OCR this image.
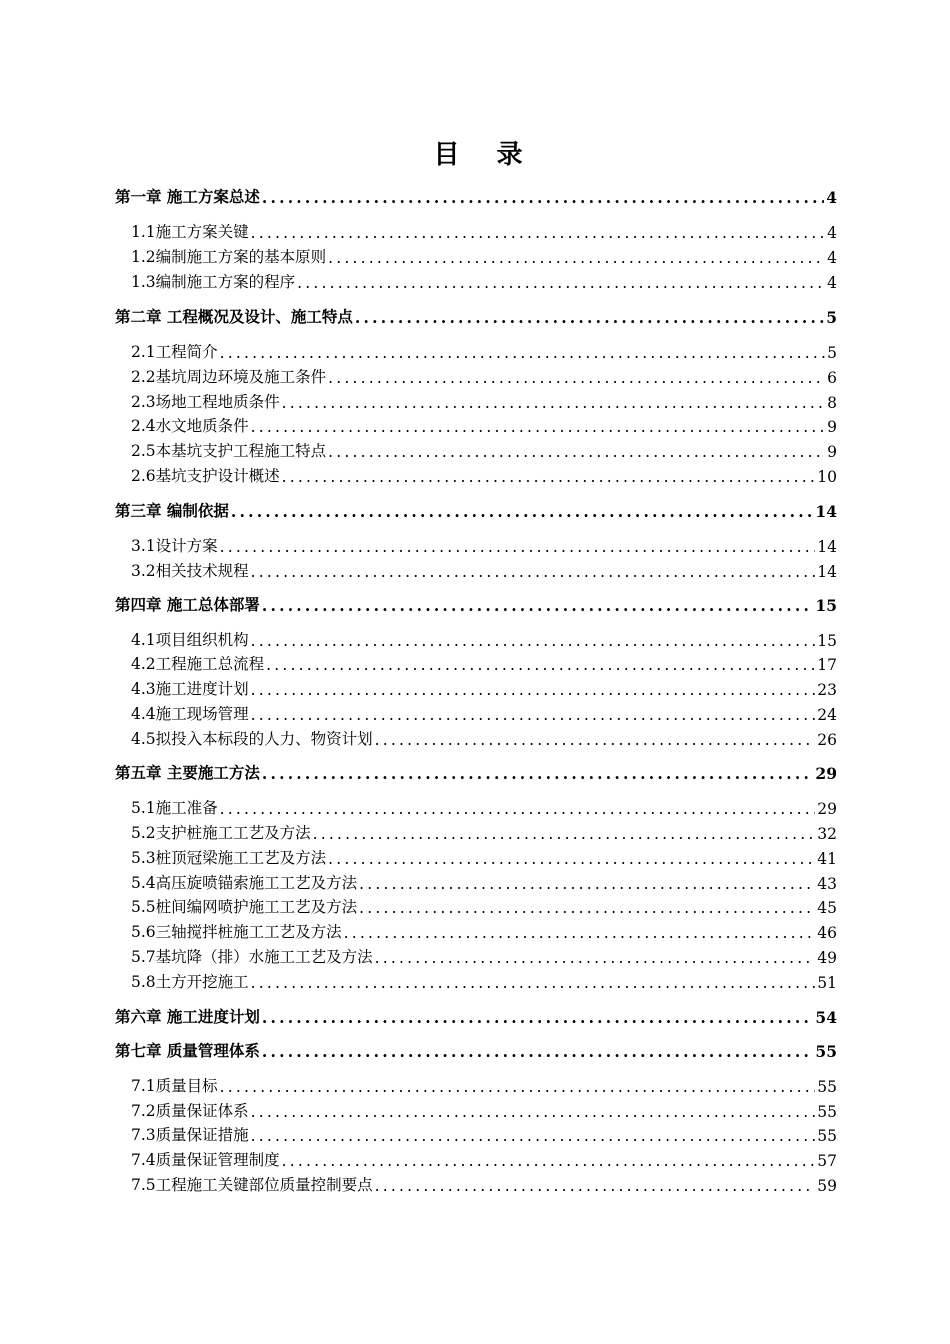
目 录
第一章 施工方案总述 .....	4
1.1施工方案关键 .....	4
1.2编制施工方案的基本原则 .....	4
1.3编制施工方案的程序 .....	4
第二章 工程概况及设计、施工特点 .....	5
2.1工程简介 .....	5
2.2基坑周边环境及施工条件 .....	6
2.3场地工程地质条件 .....	8
2.4水文地质条件 .....	9
2.5本基坑支护工程施工特点 .....	9
2.6基坑支护设计概述 .....	10
第三章 编制依据 .....	14
3.1设计方案 .....	14
3.2相关技术规程 .....	14
第四章 施工总体部署 .....	15
4.1项目组织机构 .....	15
4.2工程施工总流程 .....	17
4.3施工进度计划 .....	23
4.4施工现场管理 .....	24
4.5拟投入本标段的人力、物资计划 .....	26
第五章 主要施工方法 .....	29
5.1施工准备 .....	29
5.2支护桩施工工艺及方法 .....	32
5.3桩顶冠梁施工工艺及方法 .....	41
5.4高压旋喷锚索施工工艺及方法 .....	43
5.5桩间编网喷护施工工艺及方法 .....	45
5.6三轴搅拌桩施工工艺及方法 .....	46
5.7基坑降（排）水施工工艺及方法 .....	49
5.8土方开挖施工 .....	51
第六章 施工进度计划 .....	54
第七章 质量管理体系 .....	55
7.1质量目标 .....	55
7.2质量保证体系 .....	55
7.3质量保证措施 .....	55
7.4质量保证管理制度 .....	57
7.5工程施工关键部位质量控制要点 .....	59
